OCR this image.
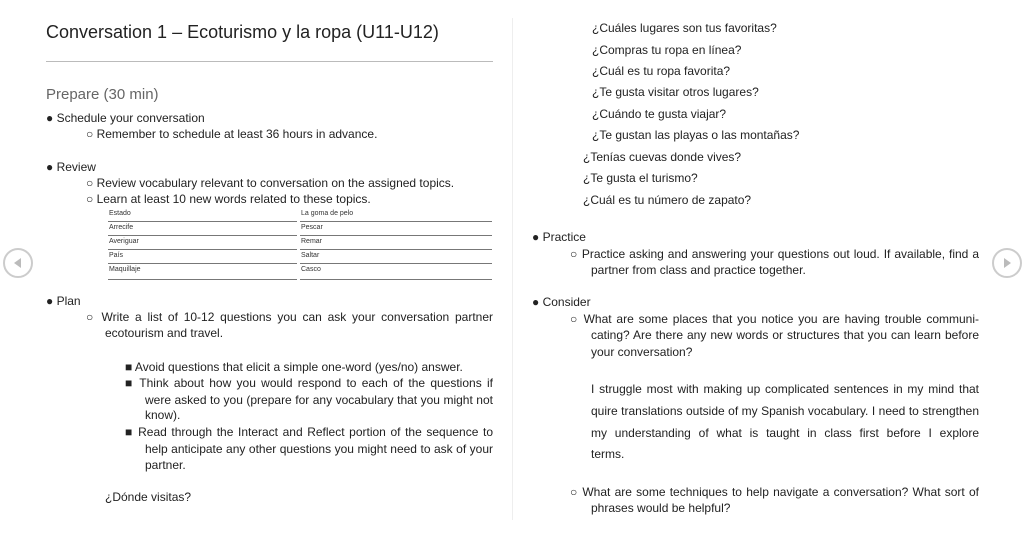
Conversation 1 – Ecoturismo y la ropa (U11-U12)
Prepare (30 min)
● Schedule your conversation
○ Remember to schedule at least 36 hours in advance.
● Review
○ Review vocabulary relevant to conversation on the assigned topics.
○ Learn at least 10 new words related to these topics.
Estado
Arrecife
Averiguar
País
Maquillaje
La goma de pelo
Pescar
Remar
Saltar
Casco
● Plan
○ Write a list of 10-12 questions you can ask your conversation partner
ecotourism and travel.
■ Avoid questions that elicit a simple one-word (yes/no) answer.
■ Think about how you would respond to each of the questions if
were asked to you (prepare for any vocabulary that you might not
know).
■ Read through the Interact and Reflect portion of the sequence to
help anticipate any other questions you might need to ask of your
partner.
¿Dónde visitas?
¿Cuáles lugares son tus favoritas?
¿Compras tu ropa en línea?
¿Cuál es tu ropa favorita?
¿Te gusta visitar otros lugares?
¿Cuándo te gusta viajar?
¿Te gustan las playas o las montañas?
¿Tenías cuevas donde vives?
¿Te gusta el turismo?
¿Cuál es tu número de zapato?
● Practice
○ Practice asking and answering your questions out loud. If available, find a
partner from class and practice together.
● Consider
○ What are some places that you notice you are having trouble communi-
cating? Are there any new words or structures that you can learn before
your conversation?
I struggle most with making up complicated sentences in my mind that
quire translations outside of my Spanish vocabulary. I need to strengthen
my understanding of what is taught in class first before I explore
terms.
○ What are some techniques to help navigate a conversation? What sort of
phrases would be helpful?
